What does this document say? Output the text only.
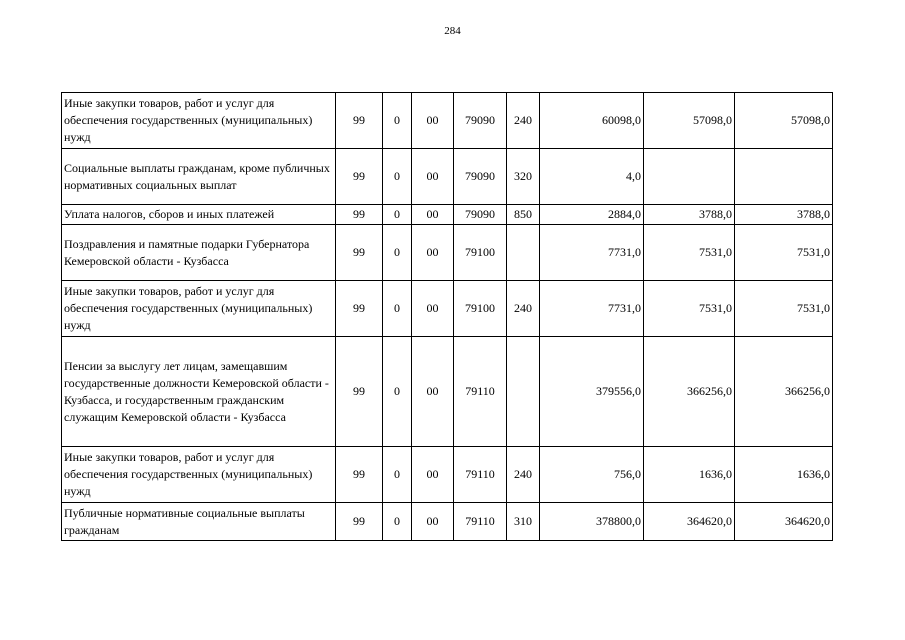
284
Иные закупки товаров, работ и услуг для обеспечения государственных (муниципальных) нужд	99	0	00	79090	240	60098,0	57098,0	57098,0
Социальные выплаты гражданам, кроме публичных нормативных социальных выплат	99	0	00	79090	320	4,0		
Уплата налогов, сборов и иных платежей	99	0	00	79090	850	2884,0	3788,0	3788,0
Поздравления и памятные подарки Губернатора Кемеровской области - Кузбасса	99	0	00	79100		7731,0	7531,0	7531,0
Иные закупки товаров, работ и услуг для обеспечения государственных (муниципальных) нужд	99	0	00	79100	240	7731,0	7531,0	7531,0
Пенсии за выслугу лет лицам, замещавшим государственные должности Кемеровской области - Кузбасса, и государственным гражданским служащим Кемеровской области - Кузбасса	99	0	00	79110		379556,0	366256,0	366256,0
Иные закупки товаров, работ и услуг для обеспечения государственных (муниципальных) нужд	99	0	00	79110	240	756,0	1636,0	1636,0
Публичные нормативные социальные выплаты гражданам	99	0	00	79110	310	378800,0	364620,0	364620,0
